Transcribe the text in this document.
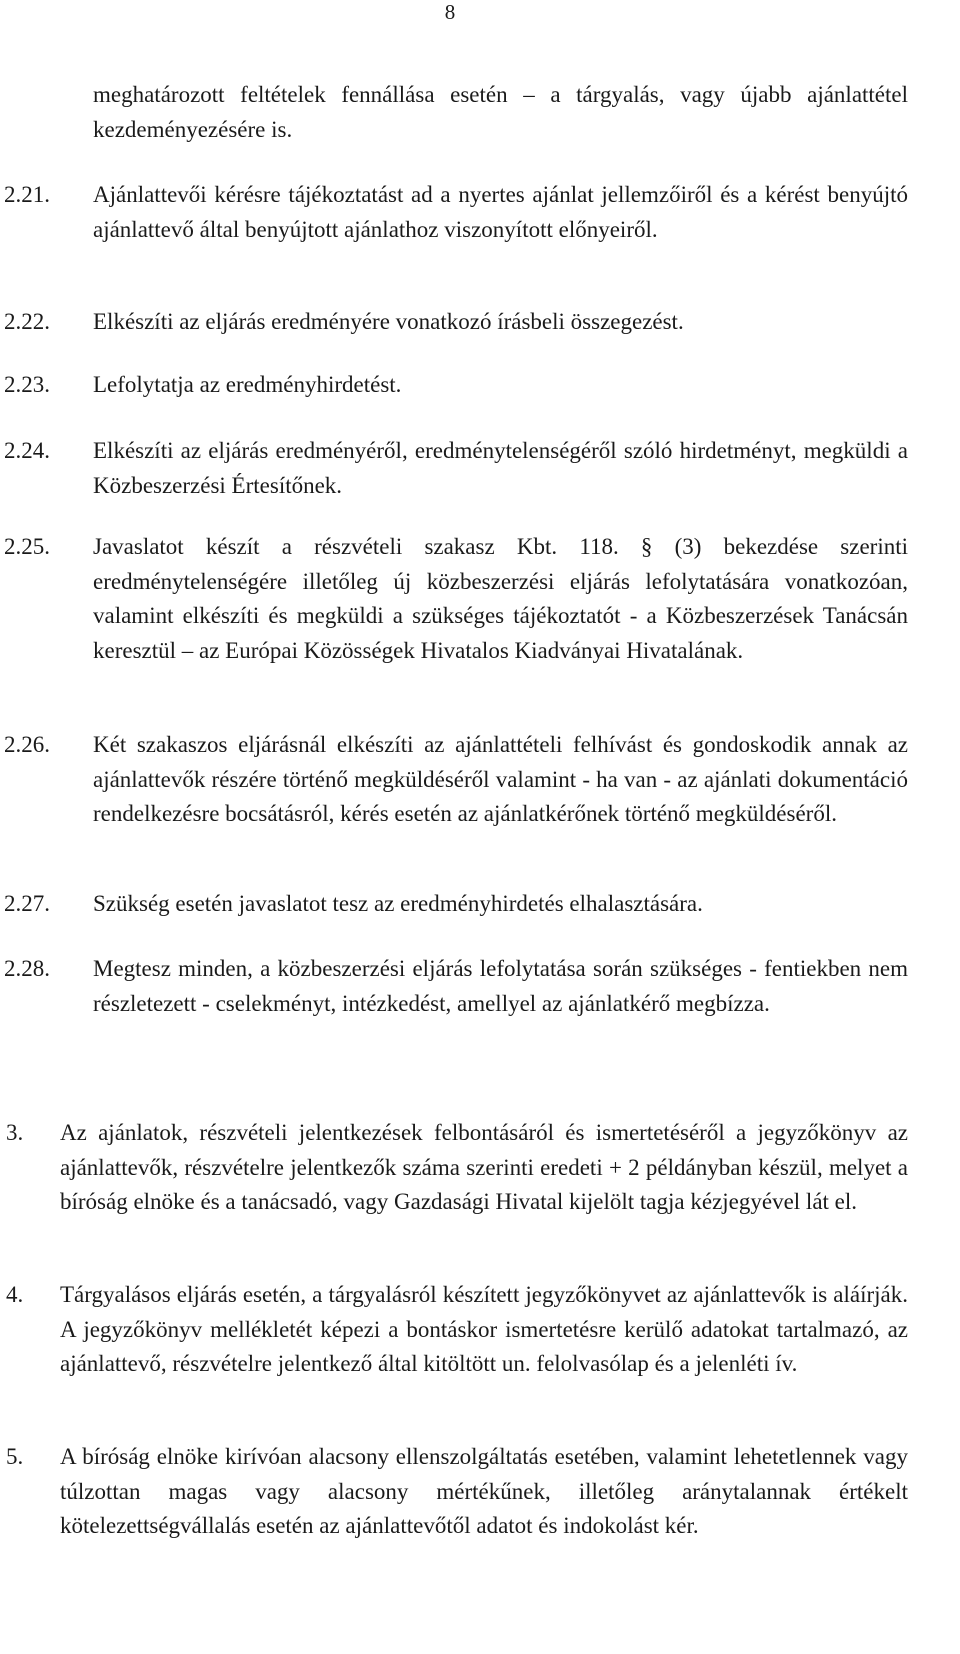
8
meghatározott feltételek fennállása esetén – a tárgyalás, vagy újabb ajánlattétel kezdeményezésére is.
2.21. Ajánlattevői kérésre tájékoztatást ad a nyertes ajánlat jellemzőiről és a kérést benyújtó ajánlattevő által benyújtott ajánlathoz viszonyított előnyeiről.
2.22. Elkészíti az eljárás eredményére vonatkozó írásbeli összegezést.
2.23. Lefolytatja az eredményhirdetést.
2.24. Elkészíti az eljárás eredményéről, eredménytelenségéről szóló hirdetményt, megküldi a Közbeszerzési Értesítőnek.
2.25. Javaslatot készít a részvételi szakasz Kbt. 118. § (3) bekezdése szerinti eredménytelenségére illetőleg új közbeszerzési eljárás lefolytatására vonatkozóan, valamint elkészíti és megküldi a szükséges tájékoztatót - a Közbeszerzések Tanácsán keresztül – az Európai Közösségek Hivatalos Kiadványai Hivatalának.
2.26. Két szakaszos eljárásnál elkészíti az ajánlattételi felhívást és gondoskodik annak az ajánlattevők részére történő megküldéséről valamint - ha van - az ajánlati dokumentáció rendelkezésre bocsátásról, kérés esetén az ajánlatkérőnek történő megküldéséről.
2.27. Szükség esetén javaslatot tesz az eredményhirdetés elhalasztására.
2.28. Megtesz minden, a közbeszerzési eljárás lefolytatása során szükséges - fentiekben nem részletezett - cselekményt, intézkedést, amellyel az ajánlatkérő megbízza.
3. Az ajánlatok, részvételi jelentkezések felbontásáról és ismertetéséről a jegyzőkönyv az ajánlattevők, részvételre jelentkezők száma szerinti eredeti + 2 példányban készül, melyet a bíróság elnöke és a tanácsadó, vagy Gazdasági Hivatal kijelölt tagja kézjegyével lát el.
4. Tárgyalásos eljárás esetén, a tárgyalásról készített jegyzőkönyvet az ajánlattevők is aláírják. A jegyzőkönyv mellékletét képezi a bontáskor ismertetésre kerülő adatokat tartalmazó, az ajánlattevő, részvételre jelentkező által kitöltött un. felolvasólap és a jelenléti ív.
5. A bíróság elnöke kirívóan alacsony ellenszolgáltatás esetében, valamint lehetetlennek vagy túlzottan magas vagy alacsony mértékűnek, illetőleg aránytalannak értékelt kötelezettségvállalás esetén az ajánlattevőtől adatot és indokolást kér.
